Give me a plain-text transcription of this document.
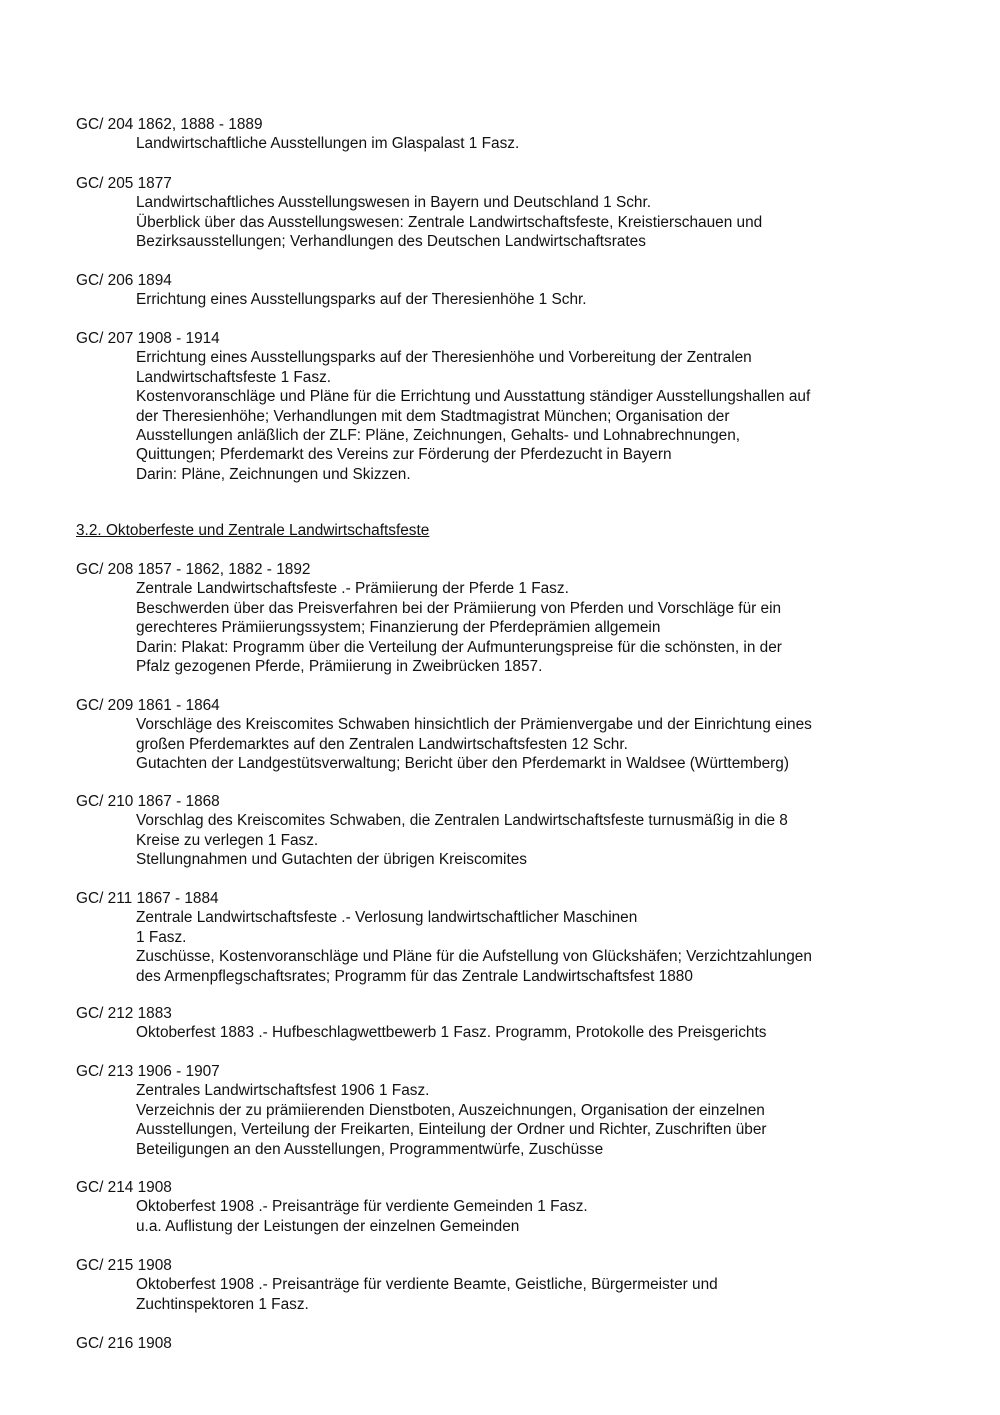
GC/ 204 1862, 1888 - 1889
Landwirtschaftliche Ausstellungen im Glaspalast 1 Fasz.
GC/ 205 1877
Landwirtschaftliches Ausstellungswesen in Bayern und Deutschland 1 Schr.
Überblick über das Ausstellungswesen: Zentrale Landwirtschaftsfeste, Kreistierschauen und
Bezirksausstellungen; Verhandlungen des Deutschen Landwirtschaftsrates
GC/ 206 1894
Errichtung eines Ausstellungsparks auf der Theresienhöhe 1 Schr.
GC/ 207 1908 - 1914
Errichtung eines Ausstellungsparks auf der Theresienhöhe und Vorbereitung der Zentralen
Landwirtschaftsfeste 1 Fasz.
Kostenvoranschläge und Pläne für die Errichtung und Ausstattung ständiger Ausstellungshallen auf
der Theresienhöhe; Verhandlungen mit dem Stadtmagistrat München; Organisation der
Ausstellungen anläßlich der ZLF: Pläne, Zeichnungen, Gehalts- und Lohnabrechnungen,
Quittungen; Pferdemarkt des Vereins zur Förderung der Pferdezucht in Bayern
Darin: Pläne, Zeichnungen und Skizzen.
3.2. Oktoberfeste und Zentrale Landwirtschaftsfeste
GC/ 208 1857 - 1862, 1882 - 1892
Zentrale Landwirtschaftsfeste .- Prämiierung der Pferde 1 Fasz.
Beschwerden über das Preisverfahren bei der Prämiierung von Pferden und Vorschläge für ein
gerechteres Prämiierungssystem; Finanzierung der Pferdeprämien allgemein
Darin: Plakat: Programm über die Verteilung der Aufmunterungspreise für die schönsten, in der
Pfalz gezogenen Pferde, Prämiierung in Zweibrücken 1857.
GC/ 209 1861 - 1864
Vorschläge des Kreiscomites Schwaben hinsichtlich der Prämienvergabe und der Einrichtung eines
großen Pferdemarktes auf den Zentralen Landwirtschaftsfesten 12 Schr.
Gutachten der Landgestütsverwaltung; Bericht über den Pferdemarkt in Waldsee (Württemberg)
GC/ 210 1867 - 1868
Vorschlag des Kreiscomites Schwaben, die Zentralen Landwirtschaftsfeste turnusmäßig in die 8
Kreise zu verlegen 1 Fasz.
Stellungnahmen und Gutachten der übrigen Kreiscomites
GC/ 211 1867 - 1884
Zentrale Landwirtschaftsfeste .- Verlosung landwirtschaftlicher Maschinen
1 Fasz.
Zuschüsse, Kostenvoranschläge und Pläne für die Aufstellung von Glückshäfen; Verzichtzahlungen
des Armenpflegschaftsrates; Programm für das Zentrale Landwirtschaftsfest 1880
GC/ 212 1883
Oktoberfest 1883 .- Hufbeschlagwettbewerb 1 Fasz. Programm, Protokolle des Preisgerichts
GC/ 213 1906 - 1907
Zentrales Landwirtschaftsfest 1906 1 Fasz.
Verzeichnis der zu prämiierenden Dienstboten, Auszeichnungen, Organisation der einzelnen
Ausstellungen, Verteilung der Freikarten, Einteilung der Ordner und Richter, Zuschriften über
Beteiligungen an den Ausstellungen, Programmentwürfe, Zuschüsse
GC/ 214 1908
Oktoberfest 1908 .- Preisanträge für verdiente Gemeinden 1 Fasz.
u.a. Auflistung der Leistungen der einzelnen Gemeinden
GC/ 215 1908
Oktoberfest 1908 .- Preisanträge für verdiente Beamte, Geistliche, Bürgermeister und
Zuchtinspektoren 1 Fasz.
GC/ 216 1908
